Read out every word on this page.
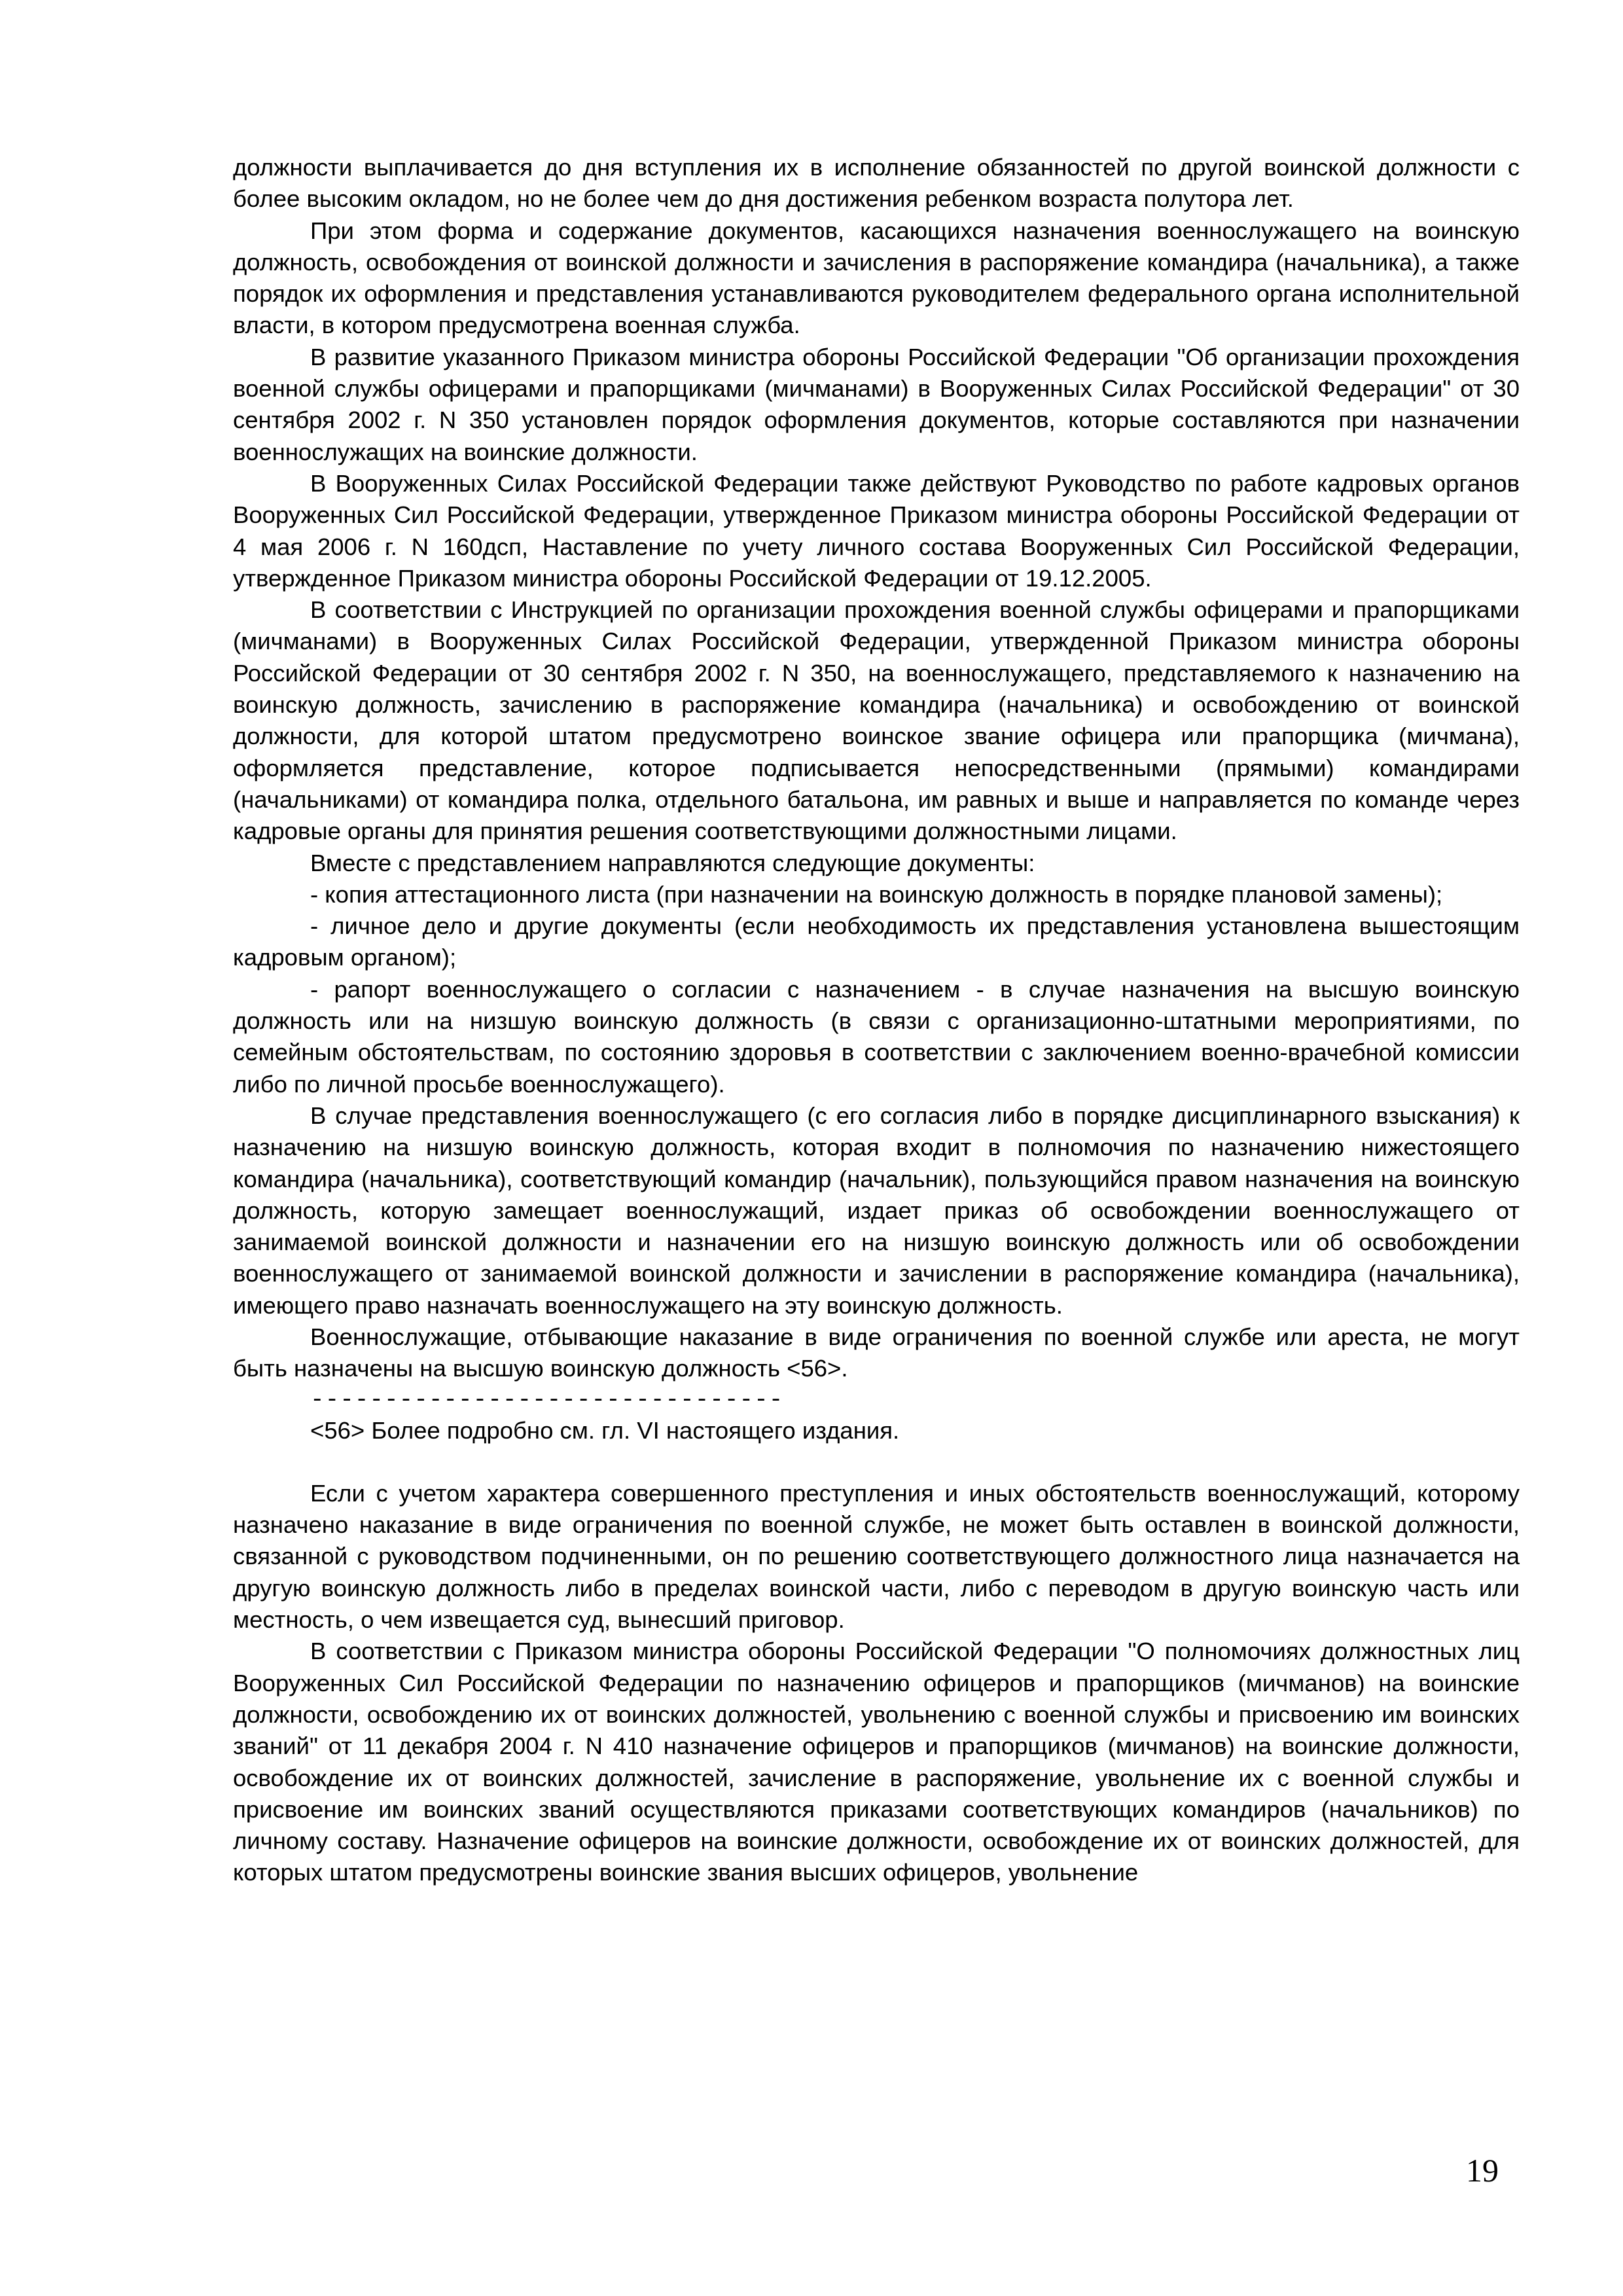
должности выплачивается до дня вступления их в исполнение обязанностей по другой воинской должности с более высоким окладом, но не более чем до дня достижения ребенком возраста полутора лет.

При этом форма и содержание документов, касающихся назначения военнослужащего на воинскую должность, освобождения от воинской должности и зачисления в распоряжение командира (начальника), а также порядок их оформления и представления устанавливаются руководителем федерального органа исполнительной власти, в котором предусмотрена военная служба.

В развитие указанного Приказом министра обороны Российской Федерации "Об организации прохождения военной службы офицерами и прапорщиками (мичманами) в Вооруженных Силах Российской Федерации" от 30 сентября 2002 г. N 350 установлен порядок оформления документов, которые составляются при назначении военнослужащих на воинские должности.

В Вооруженных Силах Российской Федерации также действуют Руководство по работе кадровых органов Вооруженных Сил Российской Федерации, утвержденное Приказом министра обороны Российской Федерации от 4 мая 2006 г. N 160дсп, Наставление по учету личного состава Вооруженных Сил Российской Федерации, утвержденное Приказом министра обороны Российской Федерации от 19.12.2005.

В соответствии с Инструкцией по организации прохождения военной службы офицерами и прапорщиками (мичманами) в Вооруженных Силах Российской Федерации, утвержденной Приказом министра обороны Российской Федерации от 30 сентября 2002 г. N 350, на военнослужащего, представляемого к назначению на воинскую должность, зачислению в распоряжение командира (начальника) и освобождению от воинской должности, для которой штатом предусмотрено воинское звание офицера или прапорщика (мичмана), оформляется представление, которое подписывается непосредственными (прямыми) командирами (начальниками) от командира полка, отдельного батальона, им равных и выше и направляется по команде через кадровые органы для принятия решения соответствующими должностными лицами.

Вместе с представлением направляются следующие документы:

- копия аттестационного листа (при назначении на воинскую должность в порядке плановой замены);

- личное дело и другие документы (если необходимость их представления установлена вышестоящим кадровым органом);

- рапорт военнослужащего о согласии с назначением - в случае назначения на высшую воинскую должность или на низшую воинскую должность (в связи с организационно-штатными мероприятиями, по семейным обстоятельствам, по состоянию здоровья в соответствии с заключением военно-врачебной комиссии либо по личной просьбе военнослужащего).

В случае представления военнослужащего (с его согласия либо в порядке дисциплинарного взыскания) к назначению на низшую воинскую должность, которая входит в полномочия по назначению нижестоящего командира (начальника), соответствующий командир (начальник), пользующийся правом назначения на воинскую должность, которую замещает военнослужащий, издает приказ об освобождении военнослужащего от занимаемой воинской должности и назначении его на низшую воинскую должность или об освобождении военнослужащего от занимаемой воинской должности и зачислении в распоряжение командира (начальника), имеющего право назначать военнослужащего на эту воинскую должность.

Военнослужащие, отбывающие наказание в виде ограничения по военной службе или ареста, не могут быть назначены на высшую воинскую должность <56>.

--------------------------------

<56> Более подробно см. гл. VI настоящего издания.

Если с учетом характера совершенного преступления и иных обстоятельств военнослужащий, которому назначено наказание в виде ограничения по военной службе, не может быть оставлен в воинской должности, связанной с руководством подчиненными, он по решению соответствующего должностного лица назначается на другую воинскую должность либо в пределах воинской части, либо с переводом в другую воинскую часть или местность, о чем извещается суд, вынесший приговор.

В соответствии с Приказом министра обороны Российской Федерации "О полномочиях должностных лиц Вооруженных Сил Российской Федерации по назначению офицеров и прапорщиков (мичманов) на воинские должности, освобождению их от воинских должностей, увольнению с военной службы и присвоению им воинских званий" от 11 декабря 2004 г. N 410 назначение офицеров и прапорщиков (мичманов) на воинские должности, освобождение их от воинских должностей, зачисление в распоряжение, увольнение их с военной службы и присвоение им воинских званий осуществляются приказами соответствующих командиров (начальников) по личному составу. Назначение офицеров на воинские должности, освобождение их от воинских должностей, для которых штатом предусмотрены воинские звания высших офицеров, увольнение

19
